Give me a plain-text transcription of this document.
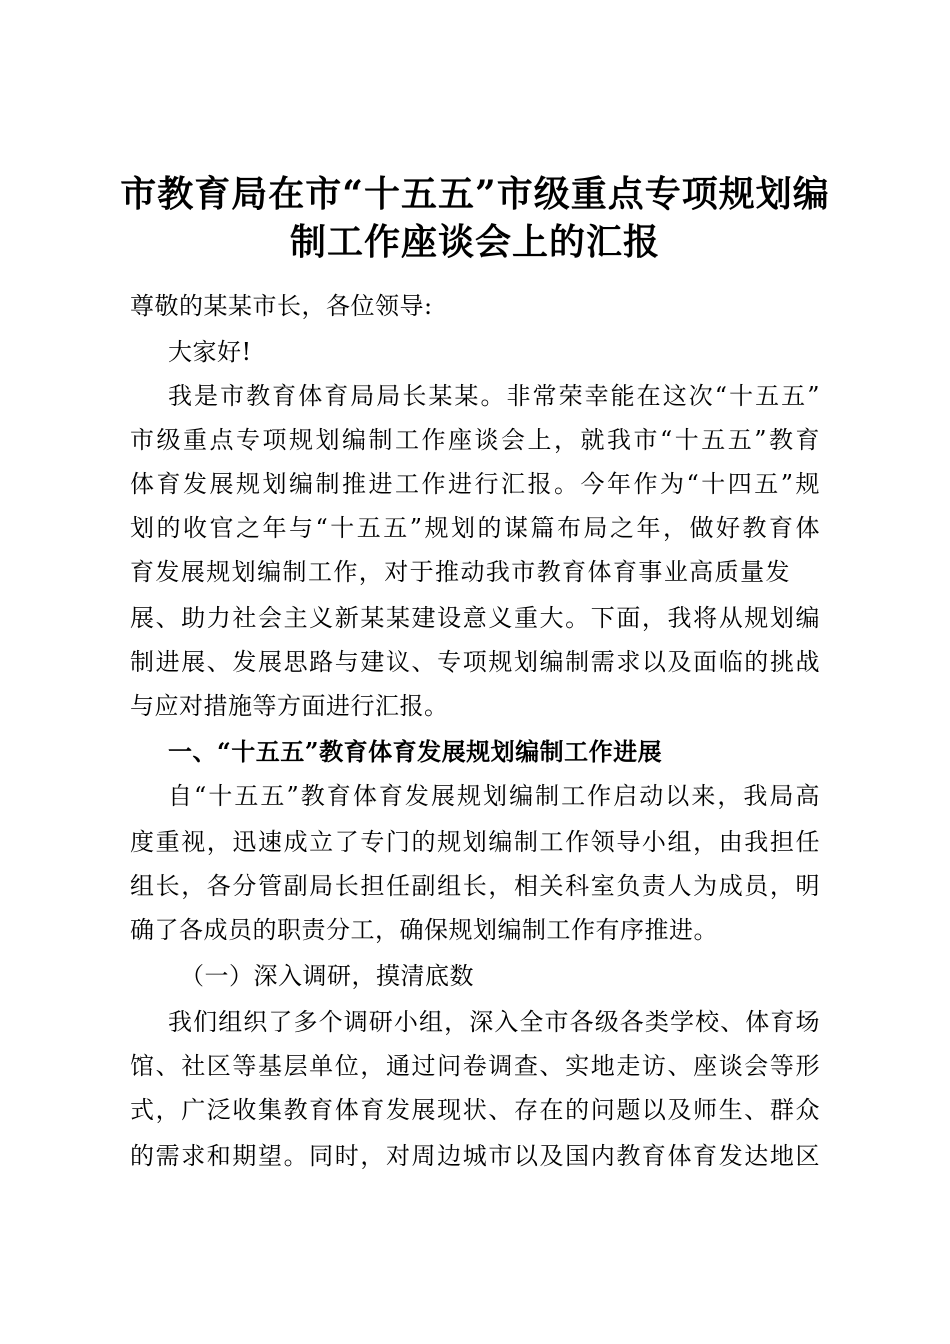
市教育局在市“十五五”市级重点专项规划编
制工作座谈会上的汇报
尊敬的某某市长，各位领导:
大家好!
我是市教育体育局局长某某。非常荣幸能在这次“十五五”
市级重点专项规划编制工作座谈会上，就我市“十五五”教育
体育发展规划编制推进工作进行汇报。今年作为“十四五”规
划的收官之年与“十五五”规划的谋篇布局之年，做好教育体
育发展规划编制工作，对于推动我市教育体育事业高质量发
展、助力社会主义新某某建设意义重大。下面，我将从规划编
制进展、发展思路与建议、专项规划编制需求以及面临的挑战
与应对措施等方面进行汇报。
一、“十五五”教育体育发展规划编制工作进展
自“十五五”教育体育发展规划编制工作启动以来，我局高
度重视，迅速成立了专门的规划编制工作领导小组，由我担任
组长，各分管副局长担任副组长，相关科室负责人为成员，明
确了各成员的职责分工，确保规划编制工作有序推进。
（一）深入调研，摸清底数
我们组织了多个调研小组，深入全市各级各类学校、体育场
馆、社区等基层单位，通过问卷调查、实地走访、座谈会等形
式，广泛收集教育体育发展现状、存在的问题以及师生、群众
的需求和期望。同时，对周边城市以及国内教育体育发达地区
